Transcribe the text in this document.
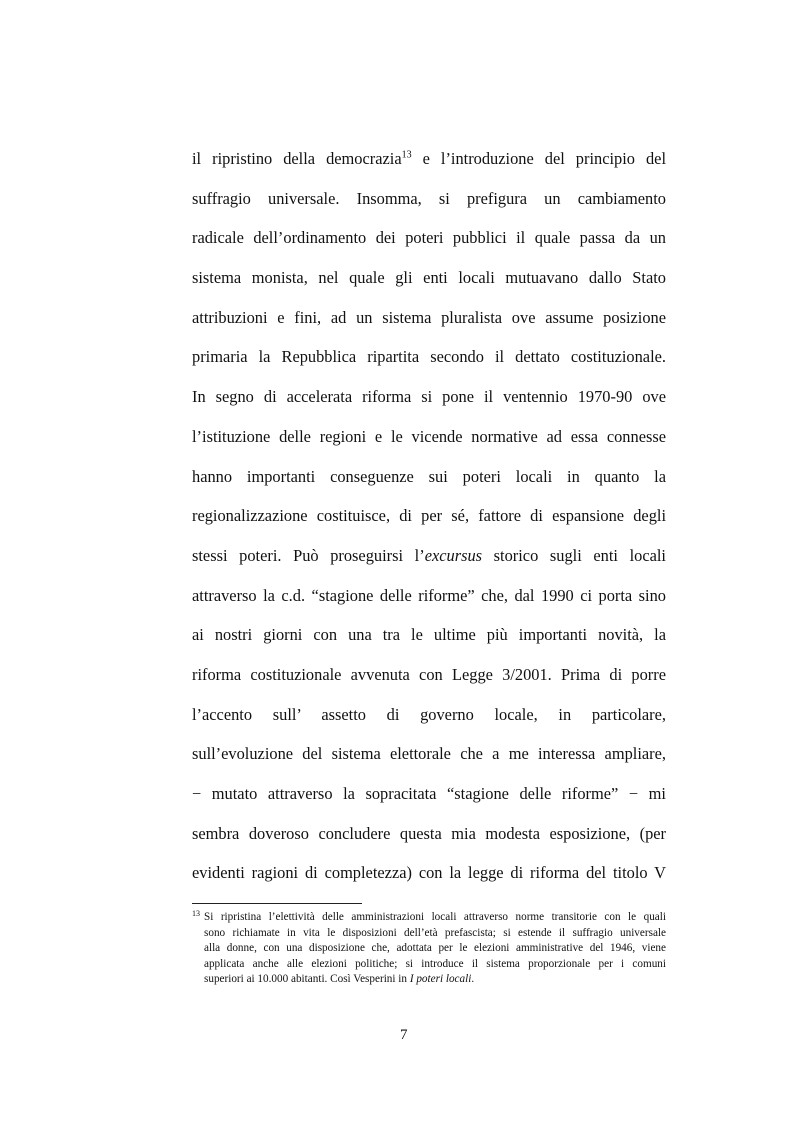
il ripristino della democrazia$^{13}$ e l’introduzione del principio del
suffragio universale. Insomma, si prefigura un cambiamento
radicale dell’ordinamento dei poteri pubblici il quale passa da un
sistema monista, nel quale gli enti locali mutuavano dallo Stato
attribuzioni e fini, ad un sistema pluralista ove assume posizione
primaria la Repubblica ripartita secondo il dettato costituzionale.
In segno di accelerata riforma si pone il ventennio 1970-90 ove
l’istituzione delle regioni e le vicende normative ad essa connesse
hanno importanti conseguenze sui poteri locali in quanto la
regionalizzazione costituisce, di per sé, fattore di espansione degli
stessi poteri. Può proseguirsi l’excursus storico sugli enti locali
attraverso la c.d. “stagione delle riforme” che, dal 1990 ci porta sino
ai nostri giorni con una tra le ultime più importanti novità, la
riforma costituzionale avvenuta con Legge 3/2001. Prima di porre
l’accento sull’ assetto di governo locale, in particolare,
sull’evoluzione del sistema elettorale che a me interessa ampliare,
− mutato attraverso la sopracitata “stagione delle riforme” − mi
sembra doveroso concludere questa mia modesta esposizione, (per
evidenti ragioni di completezza) con la legge di riforma del titolo V
13 Si ripristina l’elettività delle amministrazioni locali attraverso norme transitorie con le quali
sono richiamate in vita le disposizioni dell’età prefascista; si estende il suffragio universale
alla donne, con una disposizione che, adottata per le elezioni amministrative del 1946, viene
applicata anche alle elezioni politiche; si introduce il sistema proporzionale per i comuni
superiori ai 10.000 abitanti. Così Vesperini in I poteri locali.
7
